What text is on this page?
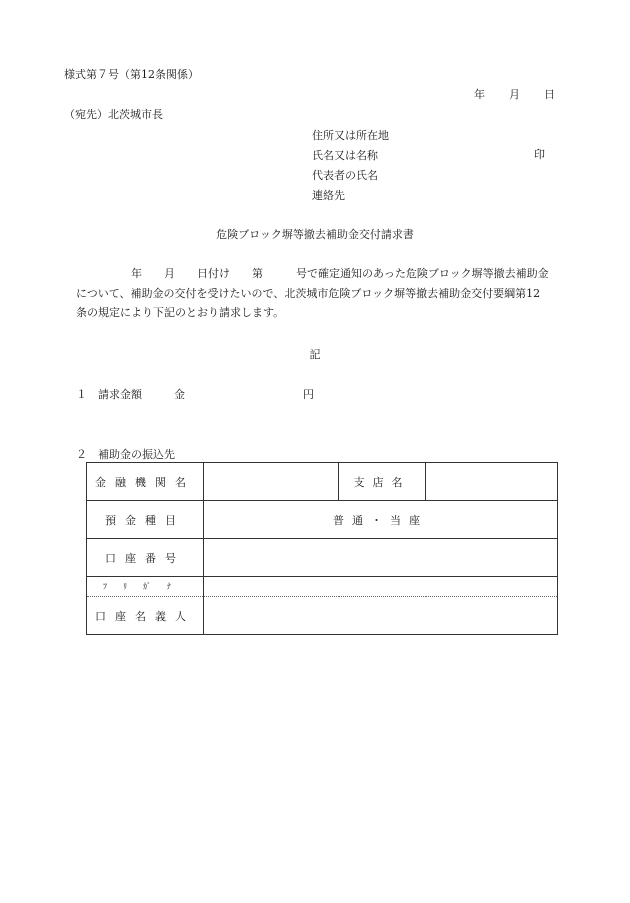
様式第７号（第12条関係）
年 月 日
（宛先）北茨城市長
住所又は所在地
氏名又は名称
代表者の氏名
連絡先
印
危険ブロック塀等撤去補助金交付請求書
　　　　　年　　月　　日付け　　第　　　号で確定通知のあった危険ブロック塀等撤去補助金
について、補助金の交付を受けたいので、北茨城市危険ブロック塀等撤去補助金交付要綱第12
条の規定により下記のとおり請求します。
記
１　請求金額	金	円
２　補助金の振込先
金融機関名		支店名	
預金種目	普通・当座		
口座番号			
ﾌﾘｶﾞﾅ			
口座名義人			
